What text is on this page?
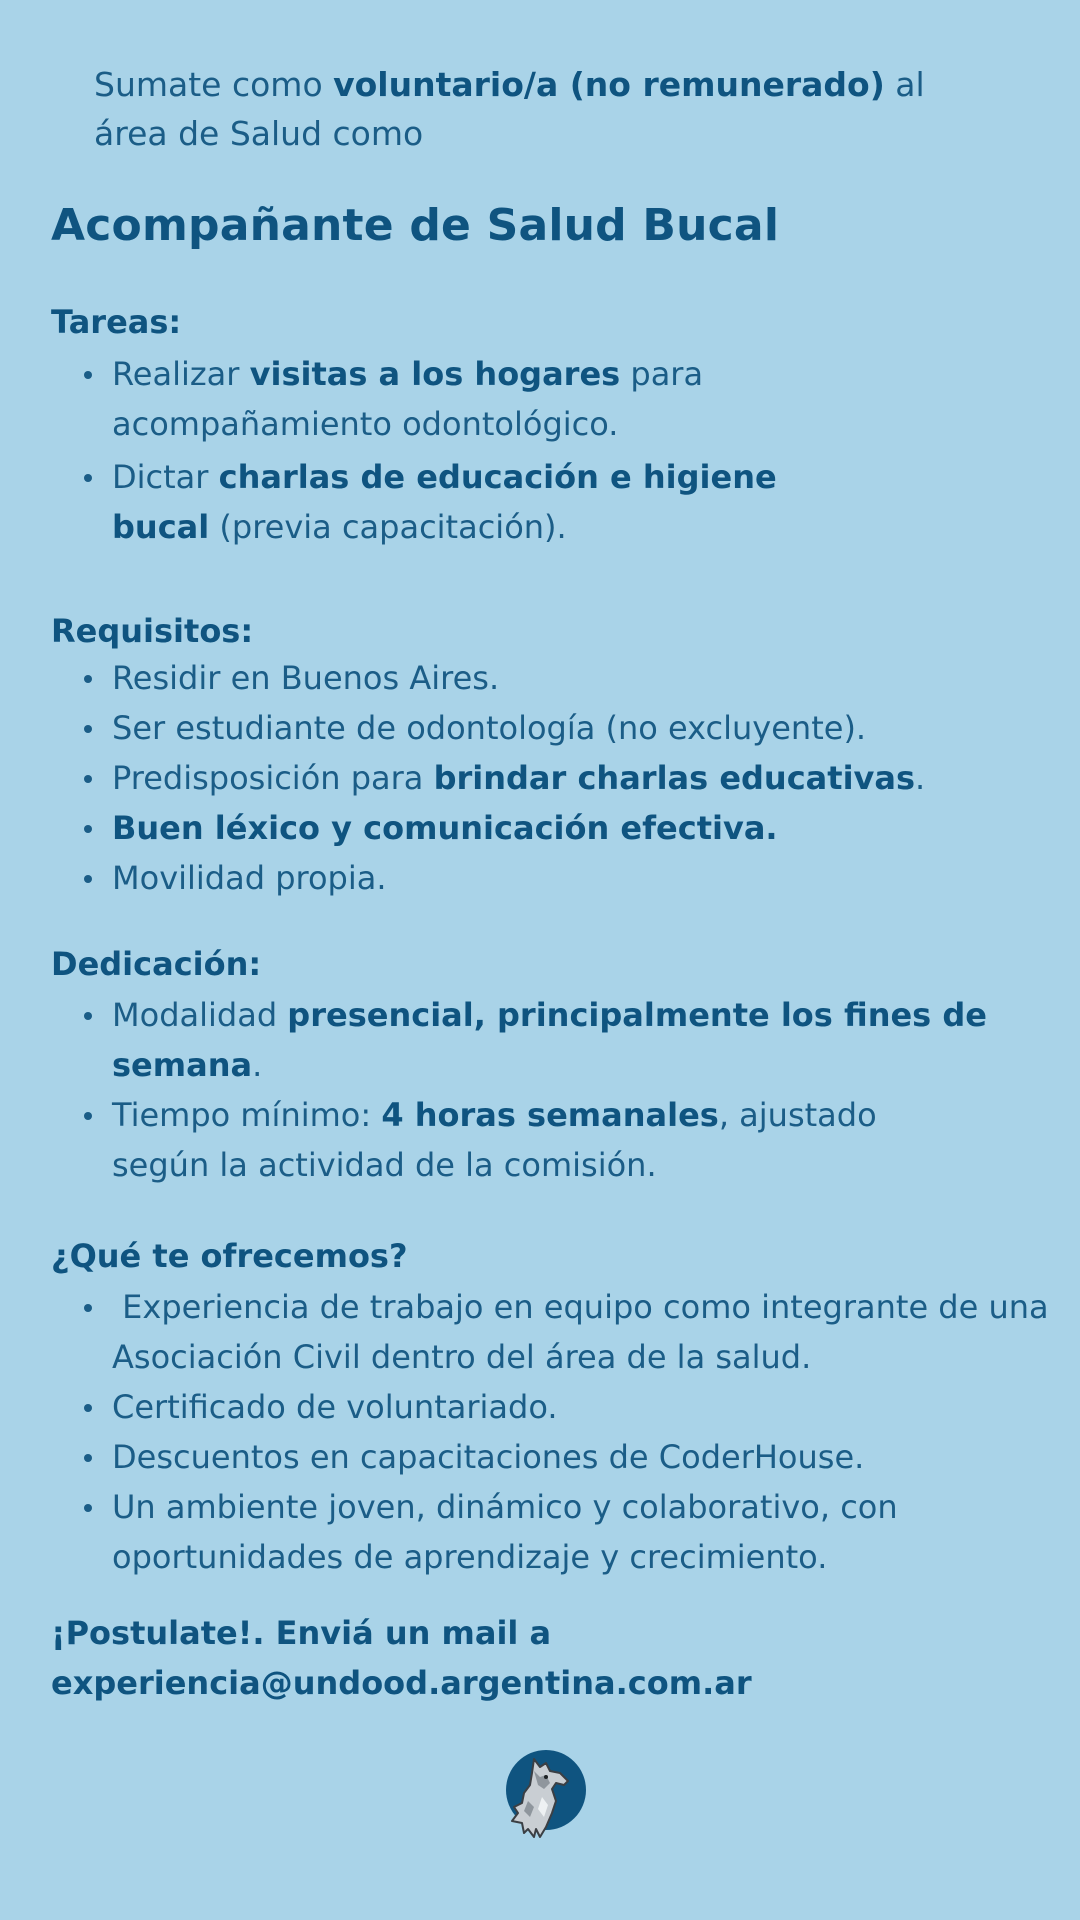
Sumate como voluntario/a (no remunerado) al área de Salud como

Acompañante de Salud Bucal
Tareas:
Realizar visitas a los hogares para acompañamiento odontológico.
Dictar charlas de educación e higiene bucal (previa capacitación).
Requisitos:
Residir en Buenos Aires.
Ser estudiante de odontología (no excluyente).
Predisposición para brindar charlas educativas.
Buen léxico y comunicación efectiva.
Movilidad propia.
Dedicación:
Modalidad presencial, principalmente los fines de semana.
Tiempo mínimo: 4 horas semanales, ajustado según la actividad de la comisión.
¿Qué te ofrecemos?
Experiencia de trabajo en equipo como integrante de una Asociación Civil dentro del área de la salud.
Certificado de voluntariado.
Descuentos en capacitaciones de CoderHouse.
Un ambiente joven, dinámico y colaborativo, con oportunidades de aprendizaje y crecimiento.
¡Postulate!. Enviá un mail a
experiencia@undood.argentina.com.ar
